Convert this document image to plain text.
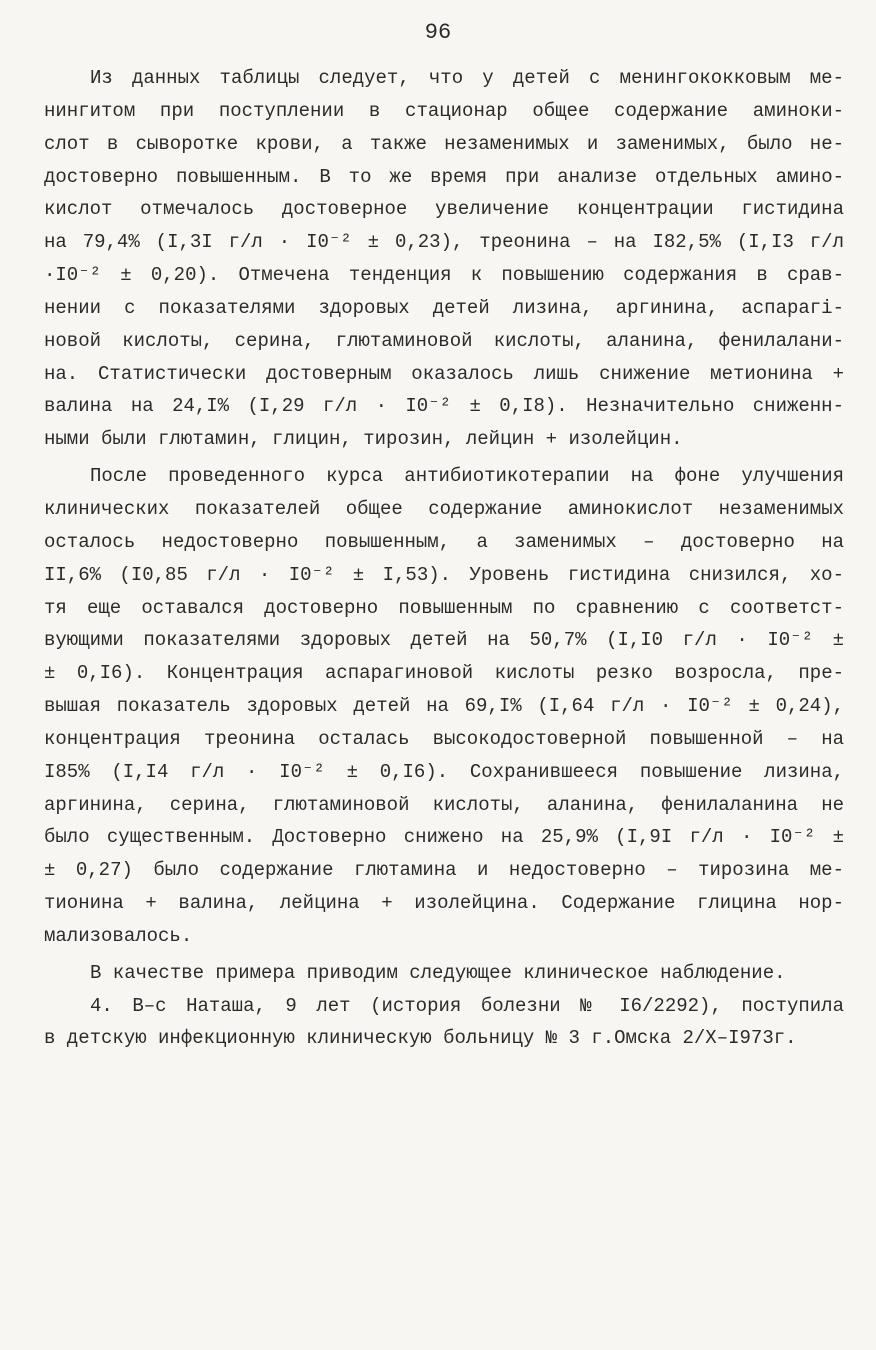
96
Из данных таблицы следует, что у детей с менингококковым ме-
нингитом при поступлении в стационар общее содержание аминоки-
слот в сыворотке крови, а также незаменимых и заменимых, было не-
достоверно повышенным. В то же время при анализе отдельных амино-
кислот отмечалось достоверное увеличение концентрации гистидина
на 79,4% (I,3I г/л · I0⁻² ± 0,23), треонина – на I82,5% (I,I3 г/л
·I0⁻² ± 0,20). Отмечена тенденция к повышению содержания в срав-
нении с показателями здоровых детей лизина, аргинина, аспарагі-
новой кислоты, серина, глютаминовой кислоты, аланина, фенилалани-
на. Статистически достоверным оказалось лишь снижение метионина +
валина на 24,I% (I,29 г/л · I0⁻² ± 0,I8). Незначительно сниженн-
ными были глютамин, глицин, тирозин, лейцин + изолейцин.
После проведенного курса антибиотикотерапии на фоне улучшения
клинических показателей общее содержание аминокислот незаменимых
осталось недостоверно повышенным, а заменимых – достоверно на
II,6% (I0,85 г/л · I0⁻² ± I,53). Уровень гистидина снизился, хо-
тя еще оставался достоверно повышенным по сравнению с соответст-
вующими показателями здоровых детей на 50,7% (I,I0 г/л · I0⁻² ±
± 0,I6). Концентрация аспарагиновой кислоты резко возросла, пре-
вышая показатель здоровых детей на 69,I% (I,64 г/л · I0⁻² ± 0,24),
концентрация треонина осталась высокодостоверной повышенной – на
I85% (I,I4 г/л · I0⁻² ± 0,I6). Сохранившееся повышение лизина,
аргинина, серина, глютаминовой кислоты, аланина, фенилаланина не
было существенным. Достоверно снижено на 25,9% (I,9I г/л · I0⁻² ±
± 0,27) было содержание глютамина и недостоверно – тирозина ме-
тионина + валина, лейцина + изолейцина. Содержание глицина нор-
мализовалось.
В качестве примера приводим следующее клиническое наблюдение.
4. В–с Наташа, 9 лет (история болезни № I6/2292), поступила
в детскую инфекционную клиническую больницу № 3 г.Омска 2/X–I973г.
